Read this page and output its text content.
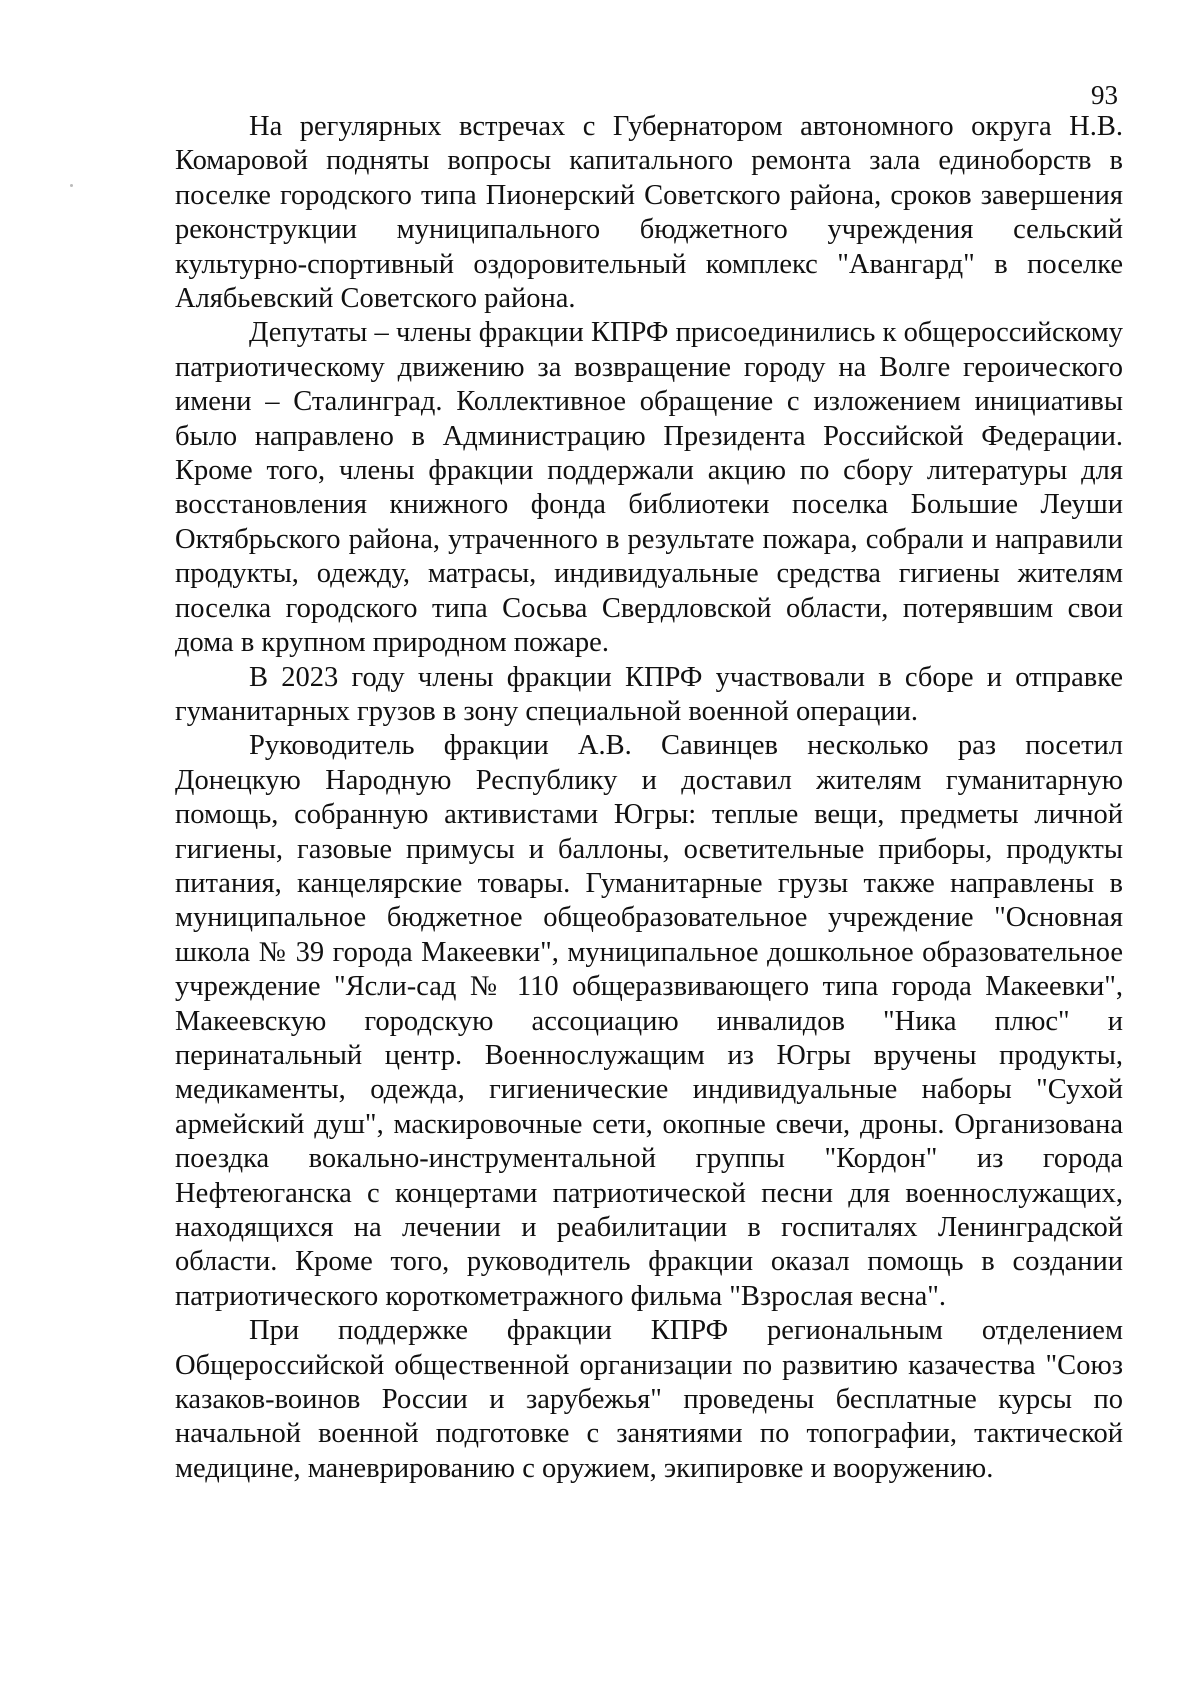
93

На регулярных встречах с Губернатором автономного округа Н.В. Комаровой подняты вопросы капитального ремонта зала единоборств в поселке городского типа Пионерский Советского района, сроков завершения реконструкции муниципального бюджетного учреждения сельский культурно-спортивный оздоровительный комплекс "Авангард" в поселке Алябьевский Советского района.

Депутаты – члены фракции КПРФ присоединились к общероссийскому патриотическому движению за возвращение городу на Волге героического имени – Сталинград. Коллективное обращение с изложением инициативы было направлено в Администрацию Президента Российской Федерации. Кроме того, члены фракции поддержали акцию по сбору литературы для восстановления книжного фонда библиотеки поселка Большие Леуши Октябрьского района, утраченного в результате пожара, собрали и направили продукты, одежду, матрасы, индивидуальные средства гигиены жителям поселка городского типа Сосьва Свердловской области, потерявшим свои дома в крупном природном пожаре.

В 2023 году члены фракции КПРФ участвовали в сборе и отправке гуманитарных грузов в зону специальной военной операции.

Руководитель фракции А.В. Савинцев несколько раз посетил Донецкую Народную Республику и доставил жителям гуманитарную помощь, собранную активистами Югры: теплые вещи, предметы личной гигиены, газовые примусы и баллоны, осветительные приборы, продукты питания, канцелярские товары. Гуманитарные грузы также направлены в муниципальное бюджетное общеобразовательное учреждение "Основная школа № 39 города Макеевки", муниципальное дошкольное образовательное учреждение "Ясли-сад № 110 общеразвивающего типа города Макеевки", Макеевскую городскую ассоциацию инвалидов "Ника плюс" и перинатальный центр. Военнослужащим из Югры вручены продукты, медикаменты, одежда, гигиенические индивидуальные наборы "Сухой армейский душ", маскировочные сети, окопные свечи, дроны. Организована поездка вокально-инструментальной группы "Кордон" из города Нефтеюганска с концертами патриотической песни для военнослужащих, находящихся на лечении и реабилитации в госпиталях Ленинградской области. Кроме того, руководитель фракции оказал помощь в создании патриотического короткометражного фильма "Взрослая весна".

При поддержке фракции КПРФ региональным отделением Общероссийской общественной организации по развитию казачества "Союз казаков-воинов России и зарубежья" проведены бесплатные курсы по начальной военной подготовке с занятиями по топографии, тактической медицине, маневрированию с оружием, экипировке и вооружению.
